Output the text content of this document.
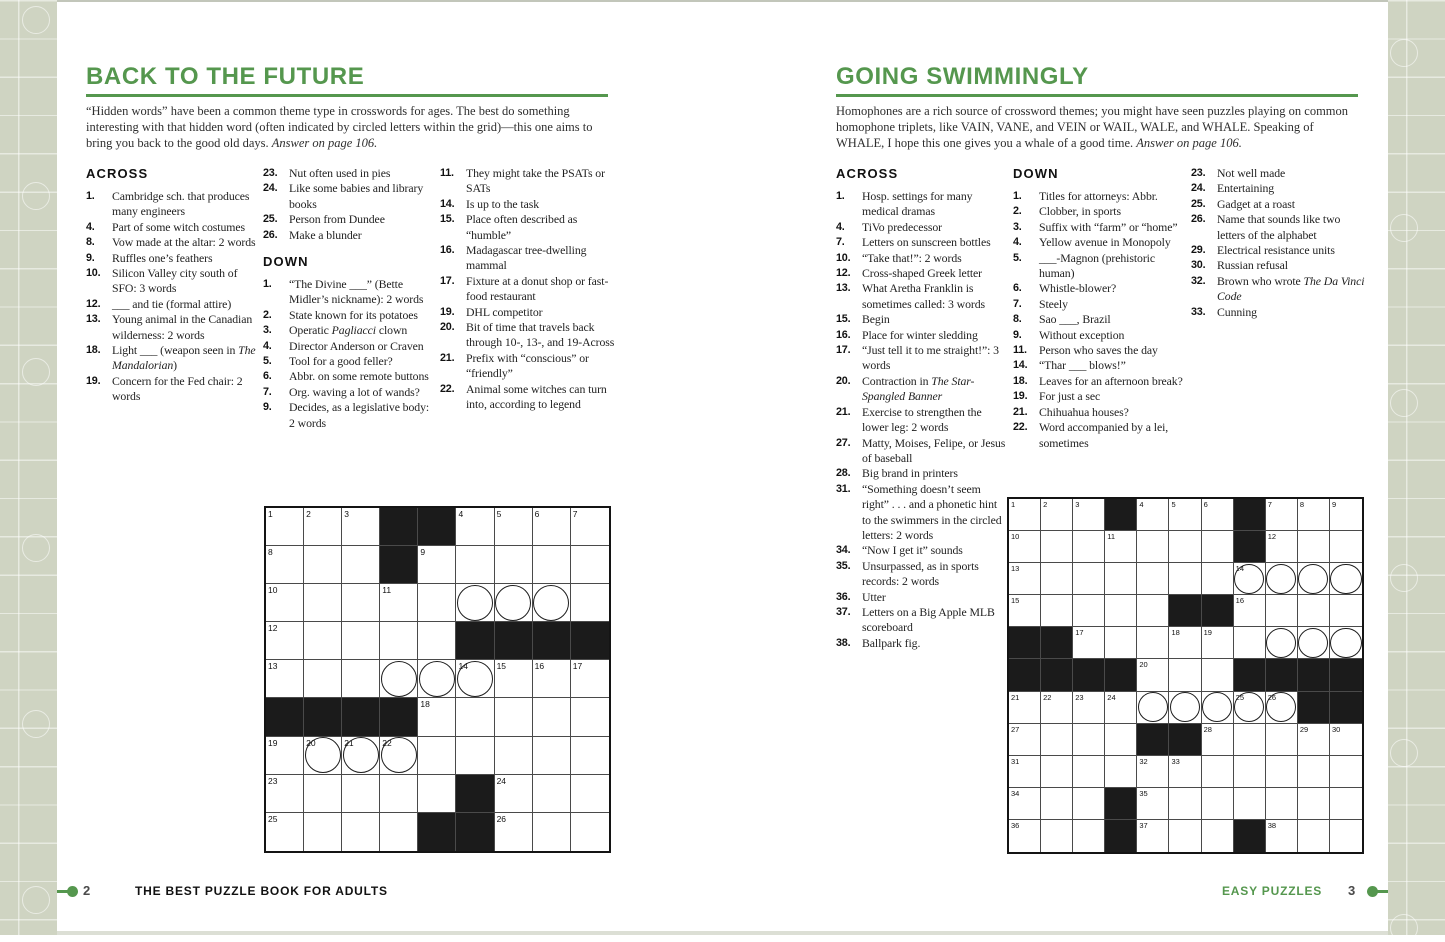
BACK TO THE FUTURE
“Hidden words” have been a common theme type in crosswords for ages. The best do something interesting with that hidden word (often indicated by circled letters within the grid)—this one aims to bring you back to the good old days. Answer on page 106.
ACROSS
1.	Cambridge sch. that produces many engineers
4.	Part of some witch costumes
8.	Vow made at the altar: 2 words
9.	Ruffles one’s feathers
10. Silicon Valley city south of SFO: 3 words
12. ___ and tie (formal attire)
13. Young animal in the Canadian wilderness: 2 words
18. Light ___ (weapon seen in The Mandalorian)
19. Concern for the Fed chair: 2 words
23. Nut often used in pies
24. Like some babies and library books
25. Person from Dundee
26. Make a blunder
DOWN
1.	“The Divine ___” (Bette Midler’s nickname): 2 words
2.	State known for its potatoes
3.	Operatic Pagliacci clown
4.	Director Anderson or Craven
5.	Tool for a good feller?
6.	Abbr. on some remote buttons
7.	Org. waving a lot of wands?
9.	Decides, as a legislative body: 2 words
11.	They might take the PSATs or SATs
14. Is up to the task
15. Place often described as “humble”
16. Madagascar tree-dwelling mammal
17. Fixture at a donut shop or fast-food restaurant
19. DHL competitor
20. Bit of time that travels back through 10-, 13-, and 19-Across
21. Prefix with “conscious” or “friendly”
22. Animal some witches can turn into, according to legend
1	2	3	4	5	6	7
8	9
10	11
12
13	14	15	16	17
18
19	20	21	22
23	24
25	26
GOING SWIMMINGLY
Homophones are a rich source of crossword themes; you might have seen puzzles playing on common homophone triplets, like VAIN, VANE, and VEIN or WAIL, WALE, and WHALE. Speaking of WHALE, I hope this one gives you a whale of a good time. Answer on page 106.
ACROSS
1.	Hosp. settings for many medical dramas
4.	TiVo predecessor
7.	Letters on sunscreen bottles
10. “Take that!”: 2 words
12. Cross-shaped Greek letter
13. What Aretha Franklin is sometimes called: 3 words
15. Begin
16. Place for winter sledding
17. “Just tell it to me straight!”: 3 words
20. Contraction in The Star-Spangled Banner
21. Exercise to strengthen the lower leg: 2 words
27. Matty, Moises, Felipe, or Jesus of baseball
28. Big brand in printers
31. “Something doesn’t seem right” . . . and a phonetic hint to the swimmers in the circled letters: 2 words
34. “Now I get it” sounds
35. Unsurpassed, as in sports records: 2 words
36. Utter
37. Letters on a Big Apple MLB scoreboard
38. Ballpark fig.
DOWN
1.	Titles for attorneys: Abbr.
2.	Clobber, in sports
3.	Suffix with “farm” or “home”
4.	Yellow avenue in Monopoly
5.	___-Magnon (prehistoric human)
6.	Whistle-blower?
7.	Steely
8.	Sao ___, Brazil
9.	Without exception
11.	Person who saves the day
14. “Thar ___ blows!”
18. Leaves for an afternoon break?
19. For just a sec
21. Chihuahua houses?
22. Word accompanied by a lei, sometimes
23. Not well made
24. Entertaining
25. Gadget at a roast
26. Name that sounds like two letters of the alphabet
29. Electrical resistance units
30. Russian refusal
32. Brown who wrote The Da Vinci Code
33. Cunning
1	2	3	4	5	6	7	8	9
10	11	12
13	14
15	16
17	18	19
20
21	22	23	24	25	26
27	28	29	30
31	32	33
34	35
36	37	38
2	THE BEST PUZZLE BOOK FOR ADULTS	EASY PUZZLES 3
